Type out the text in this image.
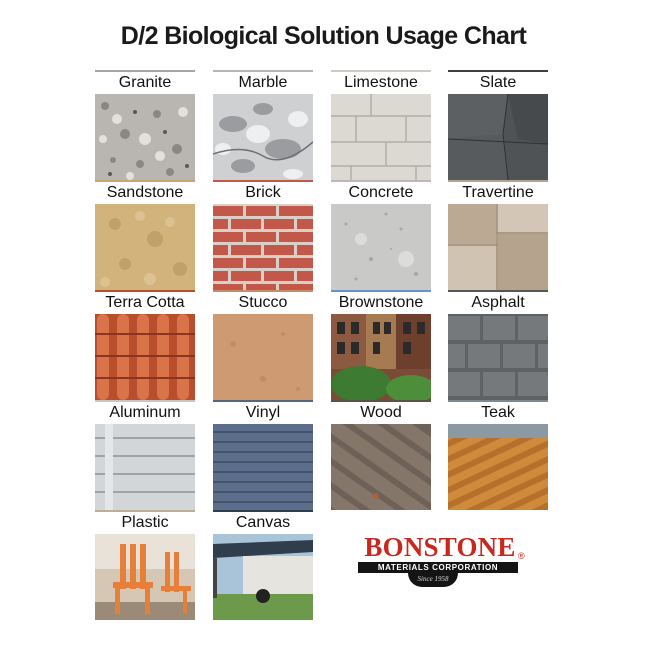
D/2 Biological Solution Usage Chart
Granite	Marble	Limestone	Slate
Sandstone	Brick	Concrete	Travertine
Terra Cotta	Stucco	Brownstone	Asphalt
Aluminum	Vinyl	Wood	Teak
Plastic	Canvas
BONSTONE ®
MATERIALS CORPORATION
Since 1958
